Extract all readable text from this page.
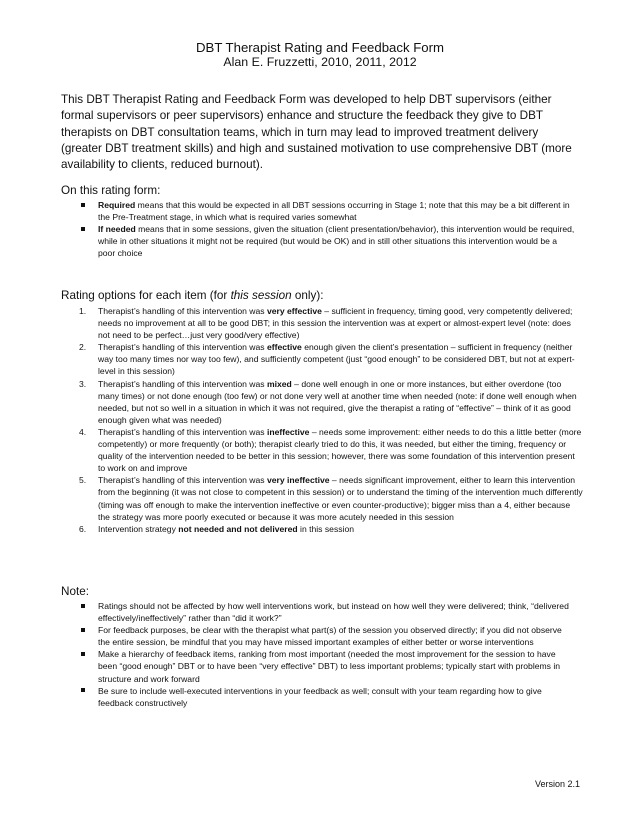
DBT Therapist Rating and Feedback Form
Alan E. Fruzzetti, 2010, 2011, 2012

This DBT Therapist Rating and Feedback Form was developed to help DBT supervisors (either formal supervisors or peer supervisors) enhance and structure the feedback they give to DBT therapists on DBT consultation teams, which in turn may lead to improved treatment delivery (greater DBT treatment skills) and high and sustained motivation to use comprehensive DBT (more availability to clients, reduced burnout).

On this rating form:

Required means that this would be expected in all DBT sessions occurring in Stage 1; note that this may be a bit different in the Pre-Treatment stage, in which what is required varies somewhat
If needed means that in some sessions, given the situation (client presentation/behavior), this intervention would be required, while in other situations it might not be required (but would be OK) and in still other situations this intervention would be a poor choice

Rating options for each item (for this session only):

1. Therapist’s handling of this intervention was very effective – sufficient in frequency, timing good, very competently delivered; needs no improvement at all to be good DBT; in this session the intervention was at expert or almost-expert level (note: does not need to be perfect…just very good/very effective)
2. Therapist’s handling of this intervention was effective enough given the client’s presentation – sufficient in frequency (neither way too many times nor way too few), and sufficiently competent (just “good enough” to be considered DBT, but not at expert-level in this session)
3. Therapist’s handling of this intervention was mixed – done well enough in one or more instances, but either overdone (too many times) or not done enough (too few) or not done very well at another time when needed (note: if done well enough when needed, but not so well in a situation in which it was not required, give the therapist a rating of “effective” – think of it as good enough given what was needed)
4. Therapist’s handling of this intervention was ineffective – needs some improvement: either needs to do this a little better (more competently) or more frequently (or both); therapist clearly tried to do this, it was needed, but either the timing, frequency or quality of the intervention needed to be better in this session; however, there was some foundation of this intervention present to work on and improve
5. Therapist’s handling of this intervention was very ineffective – needs significant improvement, either to learn this intervention from the beginning (it was not close to competent in this session) or to understand the timing of the intervention much differently (timing was off enough to make the intervention ineffective or even counter-productive); bigger miss than a 4, either because the strategy was more poorly executed or because it was more acutely needed in this session
6. Intervention strategy not needed and not delivered in this session

Note:

Ratings should not be affected by how well interventions work, but instead on how well they were delivered; think, “delivered effectively/ineffectively” rather than “did it work?”
For feedback purposes, be clear with the therapist what part(s) of the session you observed directly; if you did not observe the entire session, be mindful that you may have missed important examples of either better or worse interventions
Make a hierarchy of feedback items, ranking from most important (needed the most improvement for the session to have been “good enough” DBT or to have been “very effective” DBT) to less important problems; typically start with problems in structure and work forward
Be sure to include well-executed interventions in your feedback as well; consult with your team regarding how to give feedback constructively
Version 2.1
